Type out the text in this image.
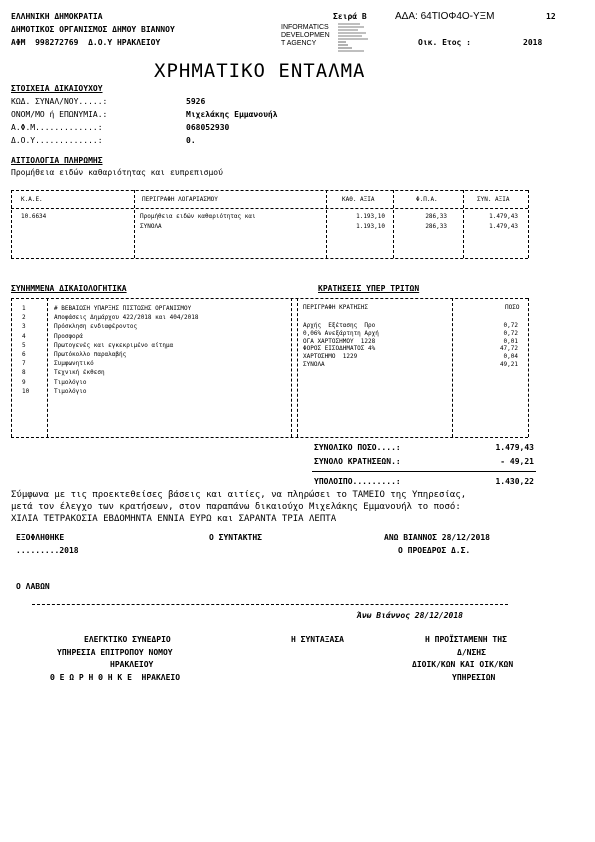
ΕΛΛΗΝΙΚΗ ΔΗΜΟΚΡΑΤΙΑ
ΔΗΜΟΤΙΚΟΣ ΟΡΓΑΝΙΣΜΟΣ ΔΗΜΟΥ ΒΙΑΝΝΟΥ
ΑΦΜ  998272769  Δ.Ο.Υ ΗΡΑΚΛΕΙΟΥ
Σειρά Β	ΑΔΑ: 64ΤΙΟΦ4Ο-ΥΞΜ	12
INFORMATICS
DEVELOPMEN
T AGENCY	Οικ. Ετος :	2018
ΧΡΗΜΑΤΙΚΟ ΕΝΤΑΛΜΑ
ΣΤΟΙΧΕΙΑ ΔΙΚΑΙΟΥΧΟΥ
ΚΩΔ. ΣΥΝΑΛ/ΝΟΥ.....:	5926
ΟΝΟΜ/ΜΟ ή ΕΠΩΝΥΜΙΑ.:	Μιχελάκης Εμμανουήλ
Α.Φ.Μ.............:	068052930
Δ.Ο.Υ.............:	0.
ΑΙΤΙΟΛΟΓΙΑ ΠΛΗΡΩΜΗΣ
Προμήθεια ειδών καθαριότητας και ευπρεπισμού
Κ.Α.Ε.	ΠΕΡΙΓΡΑΦΗ ΛΟΓΑΡΙΑΣΜΟΥ	ΚΑΘ. ΑΞΙΑ	Φ.Π.Α.	ΣΥΝ. ΑΞΙΑ
10.6634	Προμήθεια ειδών καθαριότητας και	1.193,10	286,33	1.479,43
ΣΥΝΟΛΑ	1.193,10	286,33	1.479,43
ΣΥΝΗΜΜΕΝΑ ΔΙΚΑΙΟΛΟΓΗΤΙΚΑ	ΚΡΑΤΗΣΕΙΣ ΥΠΕΡ ΤΡΙΤΩΝ
1	# ΒΕΒΑΙΩΣΗ ΥΠΑΡΞΗΣ ΠΙΣΤΩΣΗΣ ΟΡΓΑΝΙΣΜΟΥ
2	Αποφάσεις Δημάρχου 422/2018 και 404/2018
3	Πρόσκληση ενδιαφέροντος
4	Προσφορά
5	Πρωτογενές και εγκεκριμένο αίτημα
6	Πρωτόκολλο παραλαβής
7	Συμφωνητικό
8	Τεχνική έκθεση
9	Τιμολόγιο
10	Τιμολόγιο
ΠΕΡΙΓΡΑΦΗ ΚΡΑΤΗΣΗΣ	ΠΟΣΟ
Αρχής  Εξέτασης  Προ	0,72
0,06% Ανεξάρτητη Αρχή	0,72
ΟΓΑ ΧΑΡΤΟΣΗΜΟΥ  1228	0,01
ΦΟΡΟΣ ΕΙΣΟΔΗΜΑΤΟΣ 4%	47,72
ΧΑΡΤΟΣΗΜΟ  1229	0,04
ΣΥΝΟΛΑ	49,21
ΣΥΝΟΛΙΚΟ ΠΟΣΟ....:	1.479,43
ΣΥΝΟΛΟ ΚΡΑΤΗΣΕΩΝ.:	- 49,21
ΥΠΟΛΟΙΠΟ.........:	1.430,22
Σύμφωνα με τις προεκτεθείσες βάσεις και αιτίες, να πληρώσει το ΤΑΜΕΙΟ της Υπηρεσίας,
μετά τον έλεγχο των κρατήσεων, στον παραπάνω δικαιούχο Μιχελάκης Εμμανουήλ το ποσό:
ΧΙΛΙΑ ΤΕΤΡΑΚΟΣΙΑ ΕΒΔΟΜΗΝΤΑ ΕΝΝΙΑ ΕΥΡΩ και ΣΑΡΑΝΤΑ ΤΡΙΑ ΛΕΠΤΑ
ΕΞΟΦΛΗΘΗΚΕ
.........2018
Ο ΣΥΝΤΑΚΤΗΣ	ΑΝΩ ΒΙΑΝΝΟΣ 28/12/2018
Ο ΠΡΟΕΔΡΟΣ Δ.Σ.
Ο ΛΑΒΩΝ
Άνω Βιάννος 28/12/2018
ΕΛΕΓΚΤΙΚΟ ΣΥΝΕΔΡΙΟ
ΥΠΗΡΕΣΙΑ ΕΠΙΤΡΟΠΟΥ ΝΟΜΟΥ
ΗΡΑΚΛΕΙΟΥ
Θ Ε Ω Ρ Η Θ Η Κ Ε  ΗΡΑΚΛΕΙΟ
Η ΣΥΝΤΑΞΑΣΑ	Η ΠΡΟΪΣΤΑΜΕΝΗ ΤΗΣ
Δ/ΝΣΗΣ
ΔΙΟΙΚ/ΚΩΝ ΚΑΙ ΟΙΚ/ΚΩΝ
ΥΠΗΡΕΣΙΩΝ
